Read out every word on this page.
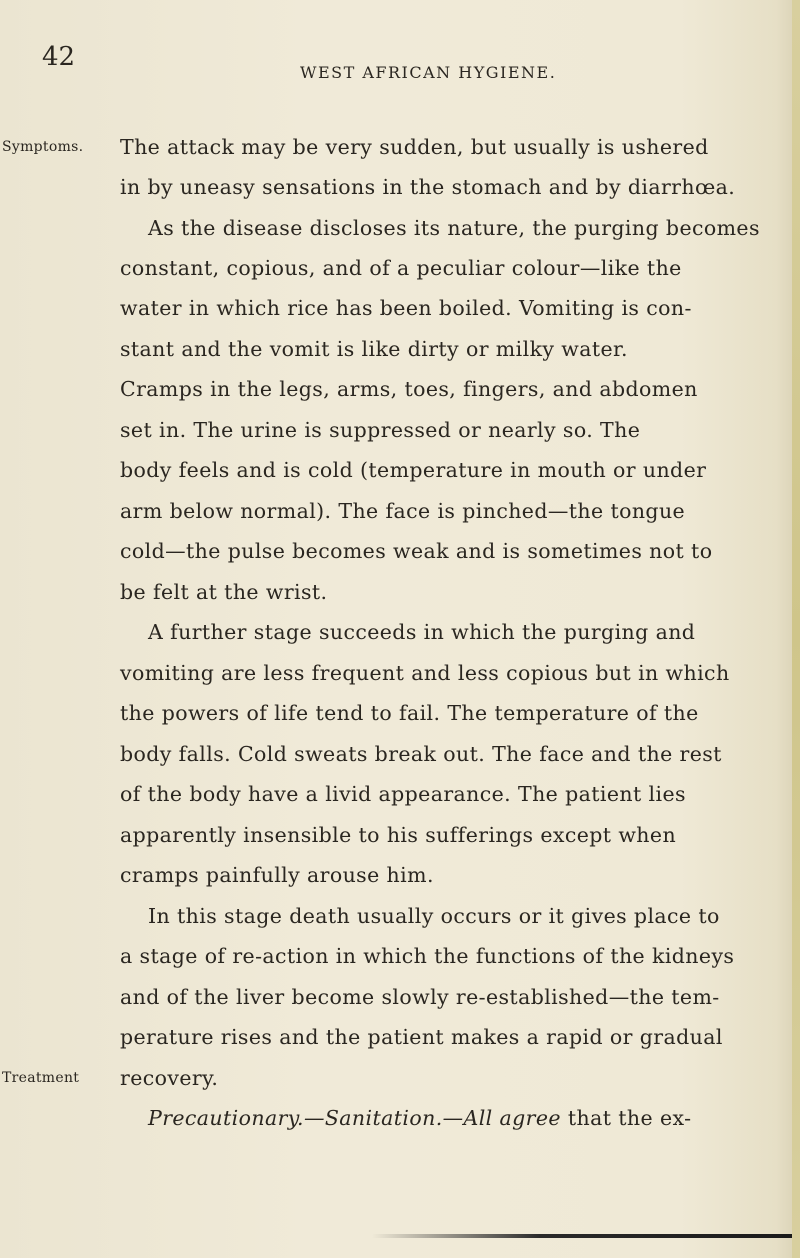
42
WEST AFRICAN HYGIENE.
Symptoms.
Treatment
The attack may be very sudden, but usually is ushered
in by uneasy sensations in the stomach and by diarrhœa.
As the disease discloses its nature, the purging becomes
constant, copious, and of a peculiar colour—like the
water in which rice has been boiled. Vomiting is con-
stant and the vomit is like dirty or milky water.
Cramps in the legs, arms, toes, fingers, and abdomen
set in. The urine is suppressed or nearly so. The
body feels and is cold (temperature in mouth or under
arm below normal). The face is pinched—the tongue
cold—the pulse becomes weak and is sometimes not to
be felt at the wrist.
A further stage succeeds in which the purging and
vomiting are less frequent and less copious but in which
the powers of life tend to fail. The temperature of the
body falls. Cold sweats break out. The face and the rest
of the body have a livid appearance. The patient lies
apparently insensible to his sufferings except when
cramps painfully arouse him.
In this stage death usually occurs or it gives place to
a stage of re-action in which the functions of the kidneys
and of the liver become slowly re-established—the tem-
perature rises and the patient makes a rapid or gradual
recovery.
Precautionary.—Sanitation.—All agree that the ex-
